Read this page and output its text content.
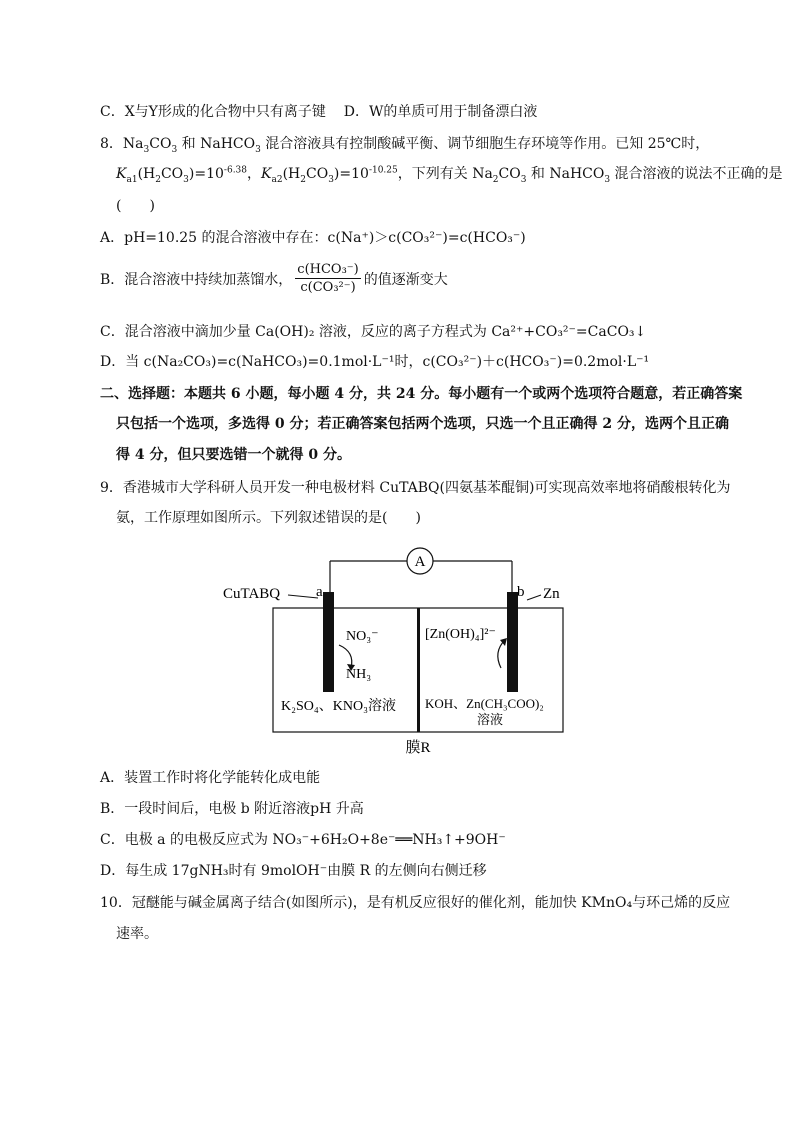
C．X与Y形成的化合物中只有离子键 D．W的单质可用于制备漂白液
8．$Na_3CO_3$ 和 NaHCO$_3$ 混合溶液具有控制酸碱平衡、调节细胞生存环境等作用。已知 25℃时，
$K_{a1}(H_2CO_3)=10^{-6.38}$，$K_{a2}(H_2CO_3)=10^{-10.25}$，下列有关 $Na_2CO_3$ 和 NaHCO$_3$ 混合溶液的说法不正确的是
(　　)
A．pH=10.25 的混合溶液中存在：c(Na⁺)＞c(CO₃²⁻)=c(HCO₃⁻)
B．混合溶液中持续加蒸馏水， $\frac{\text{c(HCO₃⁻)}}{\text{c(CO₃²⁻)}}$ 的值逐渐变大
C．混合溶液中滴加少量 Ca(OH)₂ 溶液，反应的离子方程式为 Ca²⁺+CO₃²⁻=CaCO₃↓
D．当 c(Na₂CO₃)=c(NaHCO₃)=0.1mol·L⁻¹时，c(CO₃²⁻)＋c(HCO₃⁻)=0.2mol·L⁻¹
二、选择题：本题共 6 小题，每小题 4 分，共 24 分。每小题有一个或两个选项符合题意，若正确答案
只包括一个选项，多选得 0 分；若正确答案包括两个选项，只选一个且正确得 2 分，选两个且正确
得 4 分，但只要选错一个就得 0 分。
9．香港城市大学科研人员开发一种电极材料 CuTABQ(四氨基苯醌铜)可实现高效率地将硝酸根转化为
氨，工作原理如图所示。下列叙述错误的是(　　)
A
CuTABQ a	b Zn
NO₃⁻
NH₃
[Zn(OH)₄]²⁻
K₂SO₄、KNO₃溶液 KOH、Zn(CH₃COO)₂
溶液
膜R
A．装置工作时将化学能转化成电能
B．一段时间后，电极 b 附近溶液pH 升高
C．电极 a 的电极反应式为 NO₃⁻+6H₂O+8e⁻══NH₃↑+9OH⁻
D．每生成 17gNH₃时有 9molOH⁻由膜 R 的左侧向右侧迁移
10．冠醚能与碱金属离子结合(如图所示)，是有机反应很好的催化剂，能加快 KMnO₄与环己烯的反应
速率。
